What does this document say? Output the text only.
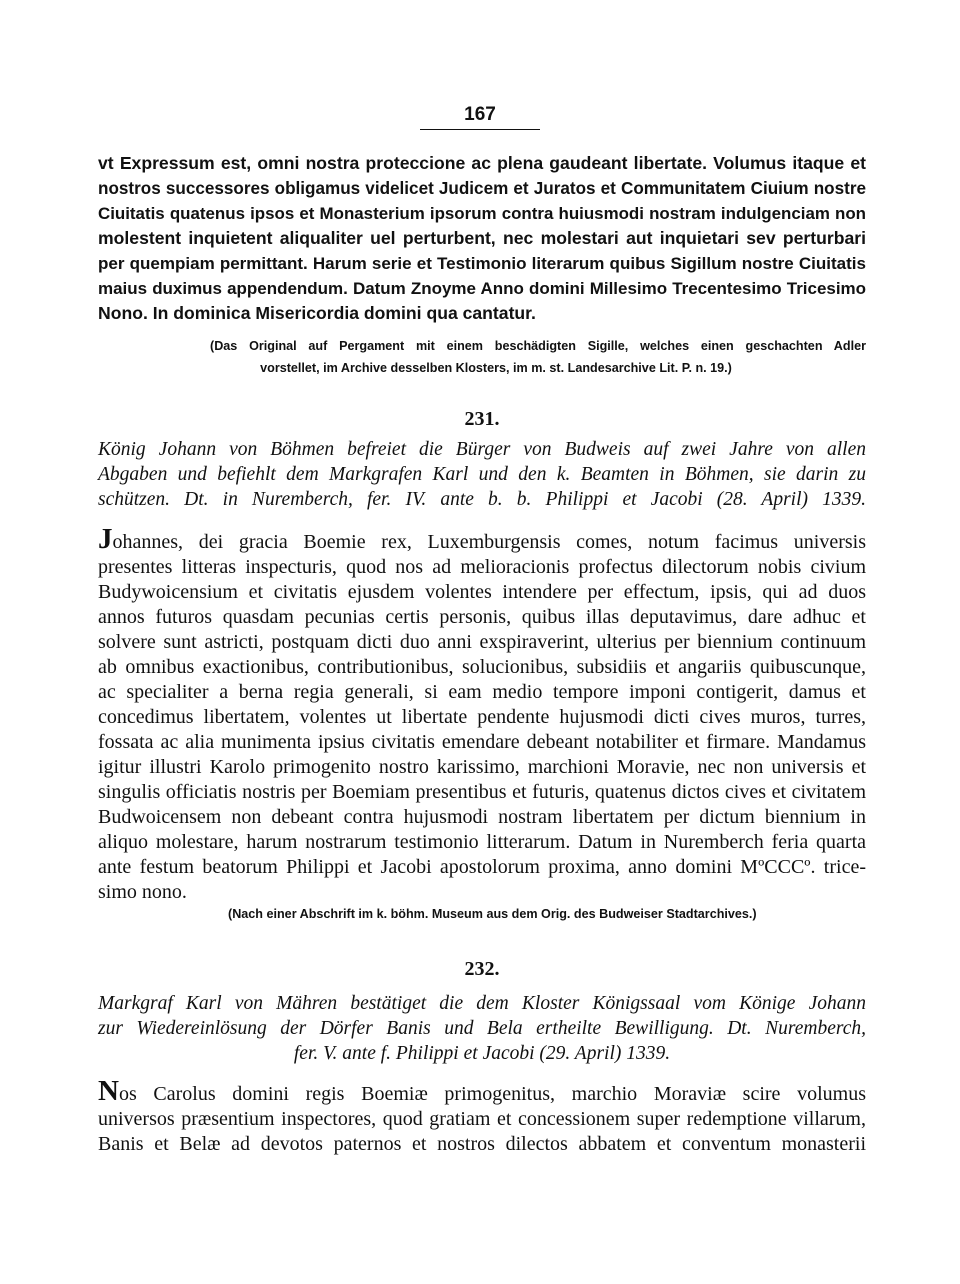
167
vt Expressum est, omni nostra proteccione ac plena gaudeant libertate. Volumus itaque et
nostros successores obligamus videlicet Judicem et Juratos et Communitatem Ciuium nostre
Ciuitatis quatenus ipsos et Monasterium ipsorum contra huiusmodi nostram indulgenciam non
molestent inquietent aliqualiter uel perturbent, nec molestari aut inquietari sev perturbari
per quempiam permittant. Harum serie et Testimonio literarum quibus Sigillum nostre Ciuitatis
maius duximus appendendum. Datum Znoyme Anno domini Millesimo Trecentesimo Tricesimo
Nono. In dominica Misericordia domini qua cantatur.
(Das Original auf Pergament mit einem beschädigten Sigille, welches einen geschachten Adler
vorstellet, im Archive desselben Klosters, im m. st. Landesarchive Lit. P. n. 19.)
231.
König Johann von Böhmen befreiet die Bürger von Budweis auf zwei Jahre von allen
Abgaben und befiehlt dem Markgrafen Karl und den k. Beamten in Böhmen, sie darin zu
schützen. Dt. in Nuremberch, fer. IV. ante b. b. Philippi et Jacobi (28. April) 1339.
Johannes, dei gracia Boemie rex, Luxemburgensis comes, notum facimus universis
presentes litteras inspecturis, quod nos ad melioracionis profectus dilectorum nobis civium
Budywoicensium et civitatis ejusdem volentes intendere per effectum, ipsis, qui ad duos
annos futuros quasdam pecunias certis personis, quibus illas deputavimus, dare adhuc et
solvere sunt astricti, postquam dicti duo anni exspiraverint, ulterius per biennium continuum
ab omnibus exactionibus, contributionibus, solucionibus, subsidiis et angariis quibuscunque,
ac specialiter a berna regia generali, si eam medio tempore imponi contigerit, damus et
concedimus libertatem, volentes ut libertate pendente hujusmodi dicti cives muros, turres,
fossata ac alia munimenta ipsius civitatis emendare debeant notabiliter et firmare. Mandamus
igitur illustri Karolo primogenito nostro karissimo, marchioni Moravie, nec non universis et
singulis officiatis nostris per Boemiam presentibus et futuris, quatenus dictos cives et civitatem
Budwoicensem non debeant contra hujusmodi nostram libertatem per dictum biennium in
aliquo molestare, harum nostrarum testimonio litterarum. Datum in Nuremberch feria quarta
ante festum beatorum Philippi et Jacobi apostolorum proxima, anno domini MºCCCº. trice-
simo nono.
(Nach einer Abschrift im k. böhm. Museum aus dem Orig. des Budweiser Stadtarchives.)
232.
Markgraf Karl von Mähren bestätiget die dem Kloster Königssaal vom Könige Johann
zur Wiedereinlösung der Dörfer Banis und Bela ertheilte Bewilligung. Dt. Nuremberch,
fer. V. ante f. Philippi et Jacobi (29. April) 1339.
Nos Carolus domini regis Boemiæ primogenitus, marchio Moraviæ scire volumus
universos præsentium inspectores, quod gratiam et concessionem super redemptione villarum,
Banis et Belæ ad devotos paternos et nostros dilectos abbatem et conventum monasterii
